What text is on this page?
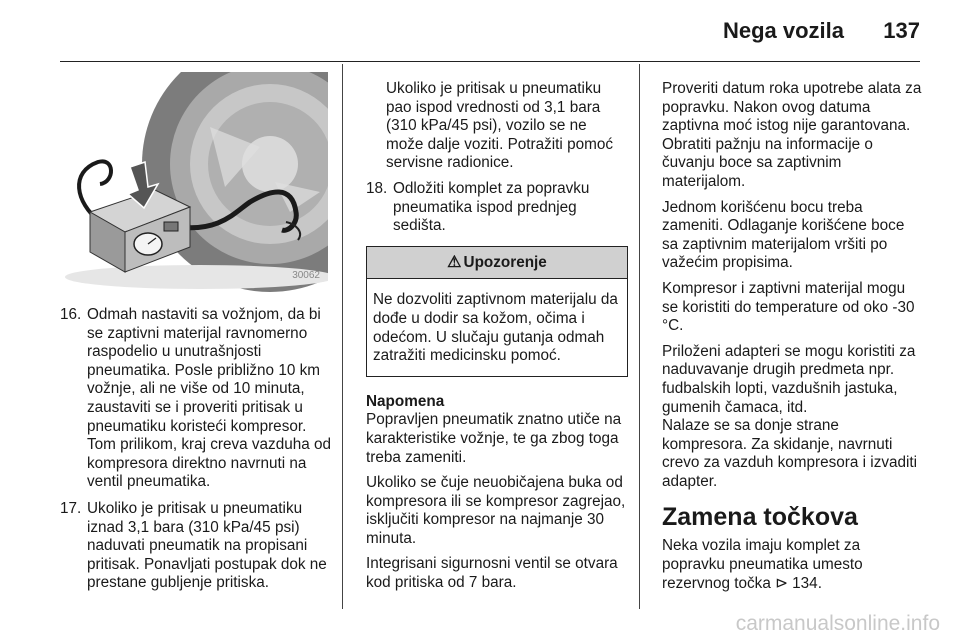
Nega vozila 137
30062
16. Odmah nastaviti sa vožnjom, da bi se zaptivni materijal ravnomerno raspodelio u unutrašnjosti pneumatika. Posle približno 10 km vožnje, ali ne više od 10 minuta, zaustaviti se i proveriti pritisak u pneumatiku koristeći kompresor. Tom prilikom, kraj creva vazduha od kompresora direktno navrnuti na ventil pneumatika.
17. Ukoliko je pritisak u pneumatiku iznad 3,1 bara (310 kPa/45 psi) naduvati pneumatik na propisani pritisak. Ponavljati postupak dok ne prestane gubljenje pritiska.

Ukoliko je pritisak u pneumatiku pao ispod vrednosti od 3,1 bara (310 kPa/45 psi), vozilo se ne može dalje voziti. Potražiti pomoć servisne radionice.

18. Odložiti komplet za popravku pneumatika ispod prednjeg sedišta.
⚠ Upozorenje
Ne dozvoliti zaptivnom materijalu da dođe u dodir sa kožom, očima i odećom. U slučaju gutanja odmah zatražiti medicinsku pomoć.
Napomena

Popravljen pneumatik znatno utiče na karakteristike vožnje, te ga zbog toga treba zameniti.

Ukoliko se čuje neuobičajena buka od kompresora ili se kompresor zagrejao, isključiti kompresor na najmanje 30 minuta.

Integrisani sigurnosni ventil se otvara kod pritiska od 7 bara.

Proveriti datum roka upotrebe alata za popravku. Nakon ovog datuma zaptivna moć istog nije garantovana. Obratiti pažnju na informacije o čuvanju boce sa zaptivnim materijalom.

Jednom korišćenu bocu treba zameniti. Odlaganje korišćene boce sa zaptivnim materijalom vršiti po važećim propisima.

Kompresor i zaptivni materijal mogu se koristiti do temperature od oko -30 °C.

Priloženi adapteri se mogu koristiti za naduvavanje drugih predmeta npr. fudbalskih lopti, vazdušnih jastuka, gumenih čamaca, itd.

Nalaze se sa donje strane kompresora. Za skidanje, navrnuti crevo za vazduh kompresora i izvaditi adapter.

Zamena točkova

Neka vozila imaju komplet za popravku pneumatika umesto rezervnog točka ⊳ 134.

carmanualsonline.info
